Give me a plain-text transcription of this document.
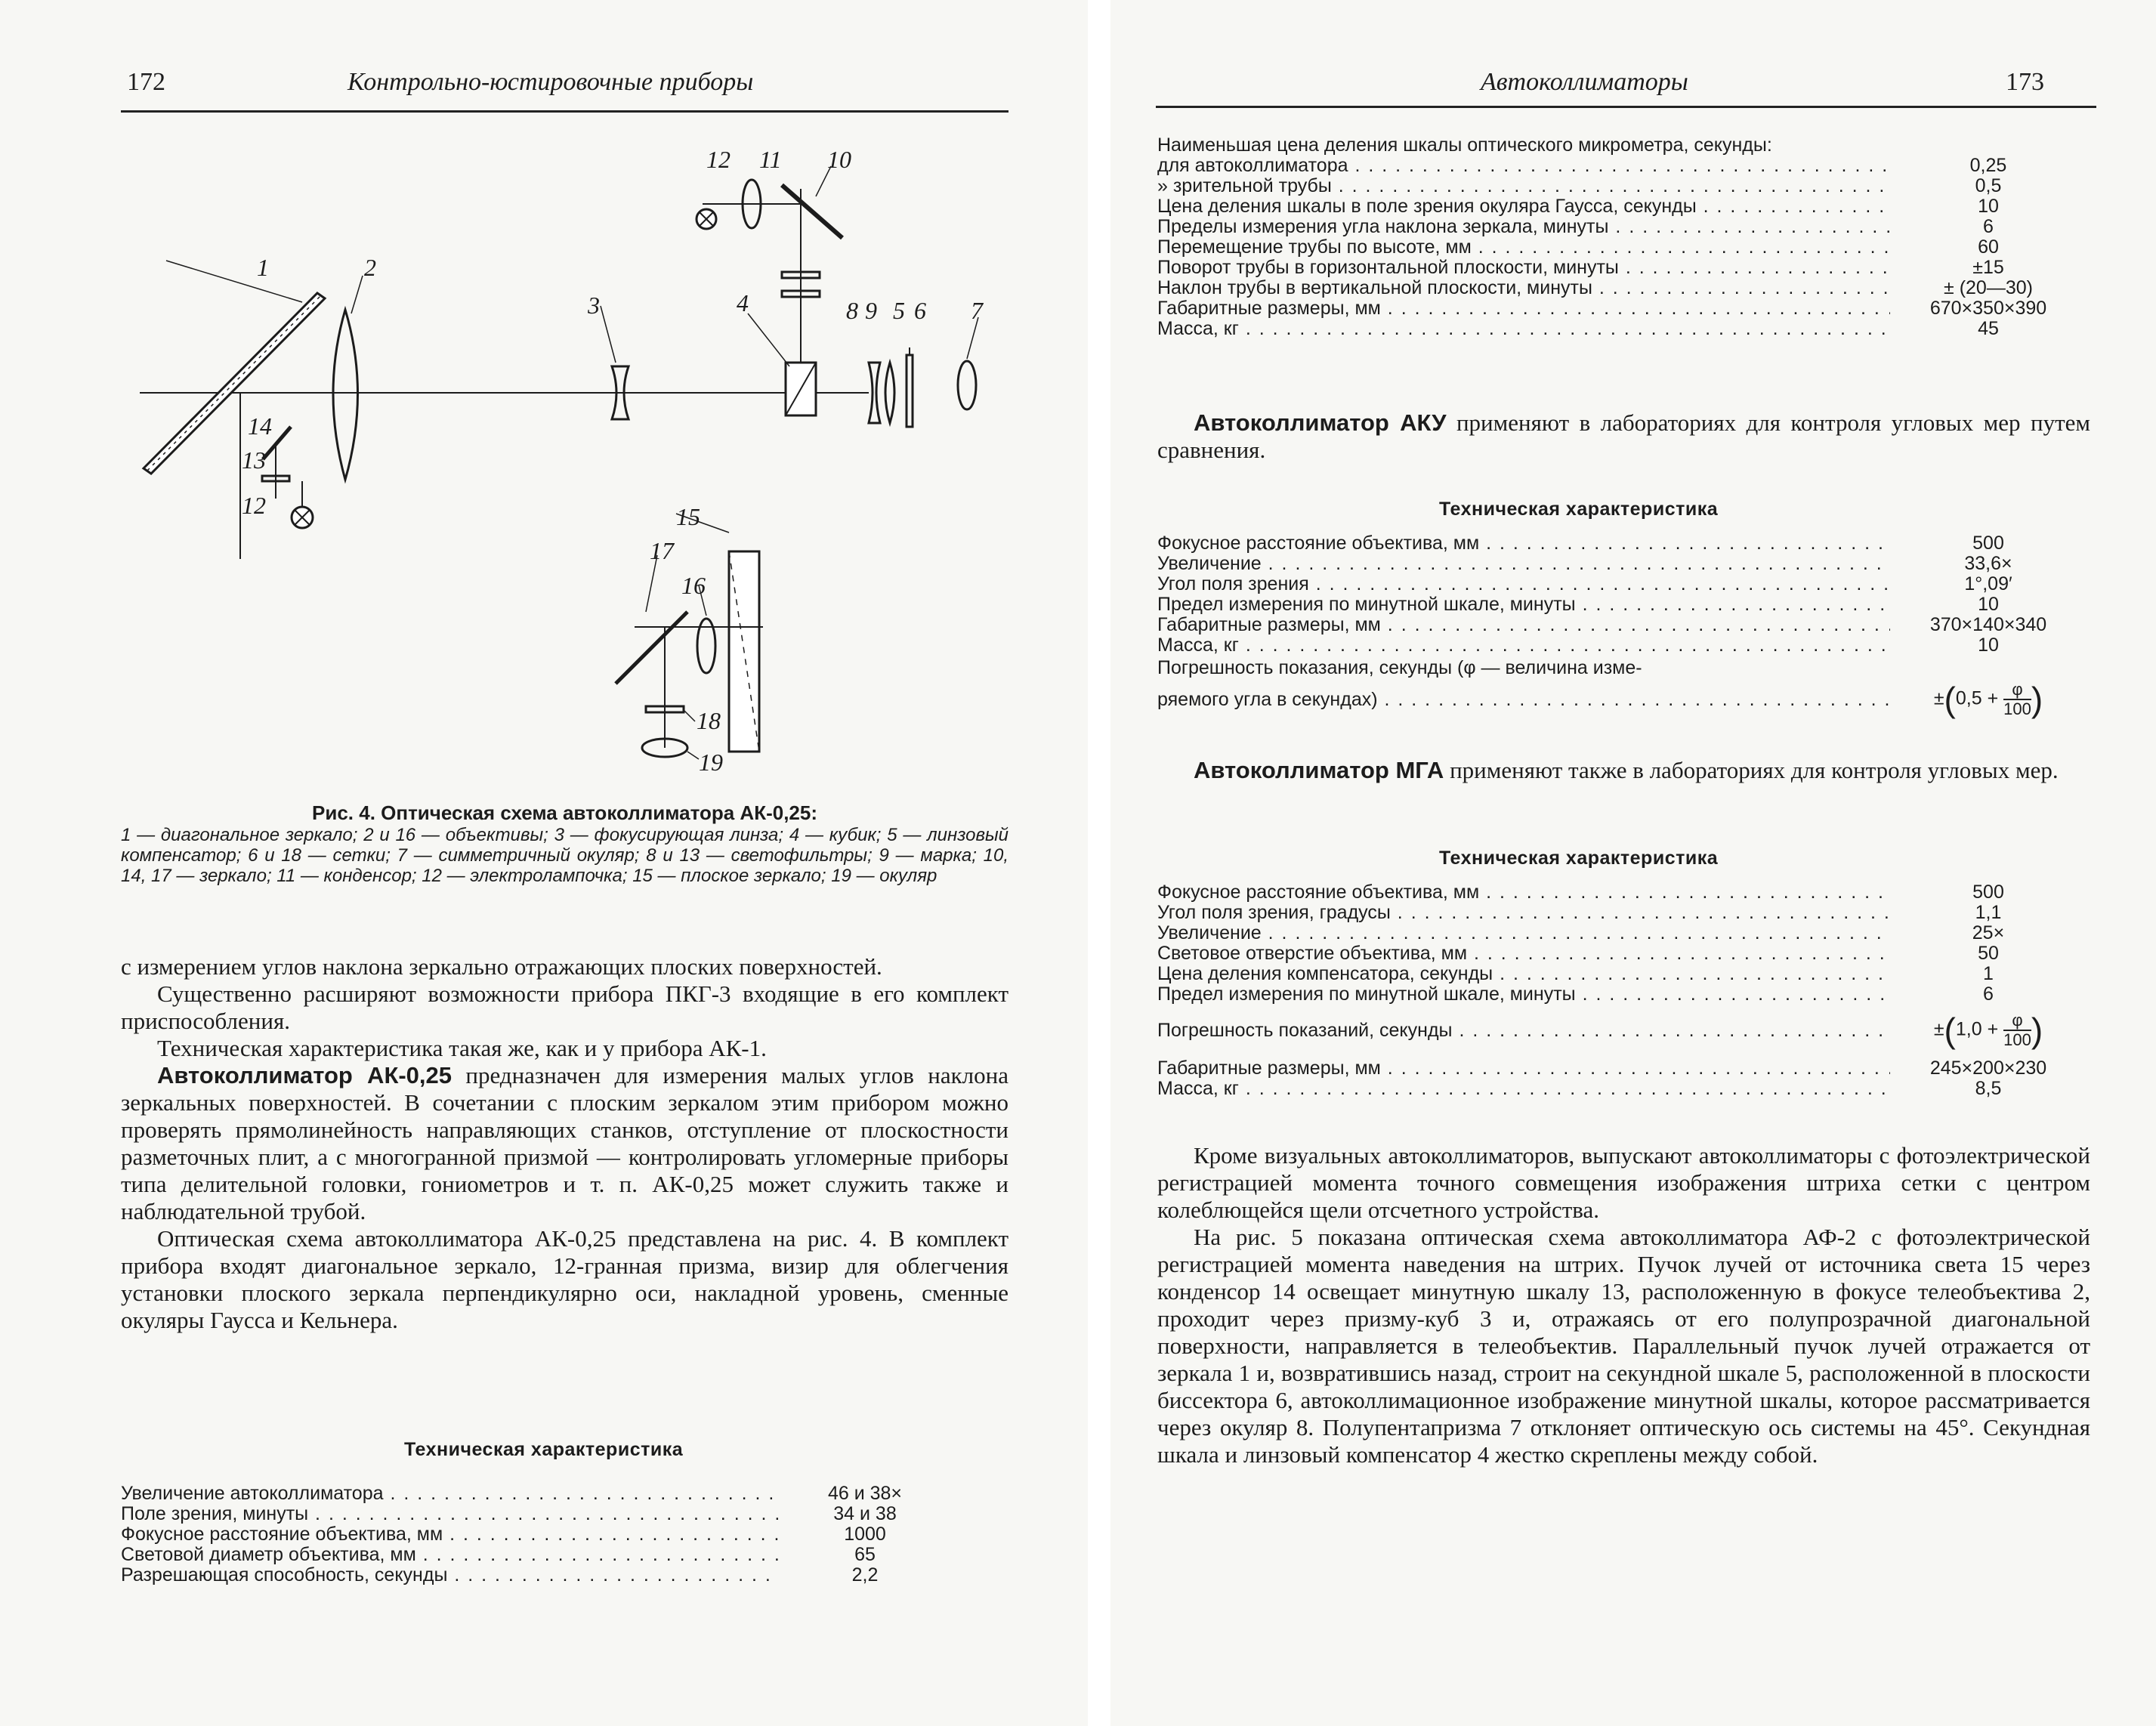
172	Контрольно-юстировочные приборы
1	2
3	4	5 6 7
8 9
10
11
12
12
13
14
15
16
17
18
19
Рис. 4. Оптическая схема автоколлиматора АК-0,25:
1 — диагональное зеркало; 2 и 16 — объективы; 3 — фокусирующая линза; 4 — кубик; 5 — линзовый компенсатор; 6 и 18 — сетки; 7 — симметричный окуляр; 8 и 13 — светофильтры; 9 — марка; 10, 14, 17 — зеркало; 11 — конденсор; 12 — электролампочка; 15 — плоское зеркало; 19 — окуляр

с измерением углов наклона зеркально отражающих плоских поверхностей.

Существенно расширяют возможности прибора ПКГ-3 входящие в его комплект приспособления.

Техническая характеристика такая же, как и у прибора АК-1.

Автоколлиматор АК-0,25 предназначен для измерения малых углов наклона зеркальных поверхностей. В сочетании с плоским зеркалом этим прибором можно проверять прямолинейность направляющих станков, отступление от плоскостности разметочных плит, а с многогранной призмой — контролировать угломерные приборы типа делительной головки, гониометров и т. п. АК-0,25 может служить также и наблюдательной трубой.

Оптическая схема автоколлиматора АК-0,25 представлена на рис. 4. В комплект прибора входят диагональное зеркало, 12-гранная призма, визир для облегчения установки плоского зеркала перпендикулярно оси, накладной уровень, сменные окуляры Гаусса и Кельнера.

Техническая характеристика
Увеличение автоколлиматора . . .	46 и 38×
Поле зрения, минуты . . .	34 и 38
Фокусное расстояние объектива, мм . . .	1000
Световой диаметр объектива, мм . . .	65
Разрешающая способность, секунды . . .	2,2
Автоколлиматоры	173
Наименьшая цена деления шкалы оптического микрометра, секунды:
для автоколлиматора . . .	0,25
» зрительной трубы . . .	0,5
Цена деления шкалы в поле зрения окуляра Гаусса, секунды . . .	10
Пределы измерения угла наклона зеркала, минуты . . .	6
Перемещение трубы по высоте, мм . . .	60
Поворот трубы в горизонтальной плоскости, минуты . . .	±15
Наклон трубы в вертикальной плоскости, минуты . . .	± (20—30)
Габаритные размеры, мм . . .	670×350×390
Масса, кг . . .	45

Автоколлиматор АКУ применяют в лабораториях для контроля угловых мер путем сравнения.

Техническая характеристика
Фокусное расстояние объектива, мм . . .	500
Увеличение . . .	33,6×
Угол поля зрения . . .	1°,09′
Предел измерения по минутной шкале, минуты . . .	10
Габаритные размеры, мм . . .	370×140×340
Масса, кг . . .	10
Погрешность показания, секунды (φ — величина изме-
ряемого угла в секундах) . . .	$\pm(0,5 + \frac{\varphi}{100}$ )

Автоколлиматор МГА применяют также в лабораториях для контроля угловых мер.

Техническая характеристика
Фокусное расстояние объектива, мм . . .	500
Угол поля зрения, градусы . . .	1,1
Увеличение . . .	25×
Световое отверстие объектива, мм . . .	50
Цена деления компенсатора, секунды . . .	1
Предел измерения по минутной шкале, минуты . . .	6
Погрешность показаний, секунды . . .	$\pm(1,0 + \frac{\varphi}{100}$ )
Габаритные размеры, мм . . .	245×200×230
Масса, кг . . .	8,5

Кроме визуальных автоколлиматоров, выпускают автоколлиматоры с фотоэлектрической регистрацией момента точного совмещения изображения штриха сетки с центром колеблющейся щели отсчетного устройства.

На рис. 5 показана оптическая схема автоколлиматора АФ-2 с фотоэлектрической регистрацией момента наведения на штрих. Пучок лучей от источника света 15 через конденсор 14 освещает минутную шкалу 13, расположенную в фокусе телеобъектива 2, проходит через призму-куб 3 и, отражаясь от его полупрозрачной диагональной поверхности, направляется в телеобъектив. Параллельный пучок лучей отражается от зеркала 1 и, возвратившись назад, строит на секундной шкале 5, расположенной в плоскости биссектора 6, автоколлимационное изображение минутной шкалы, которое рассматривается через окуляр 8. Полупентапризма 7 отклоняет оптическую ось системы на 45°. Секундная шкала и линзовый компенсатор 4 жестко скреплены между собой.
